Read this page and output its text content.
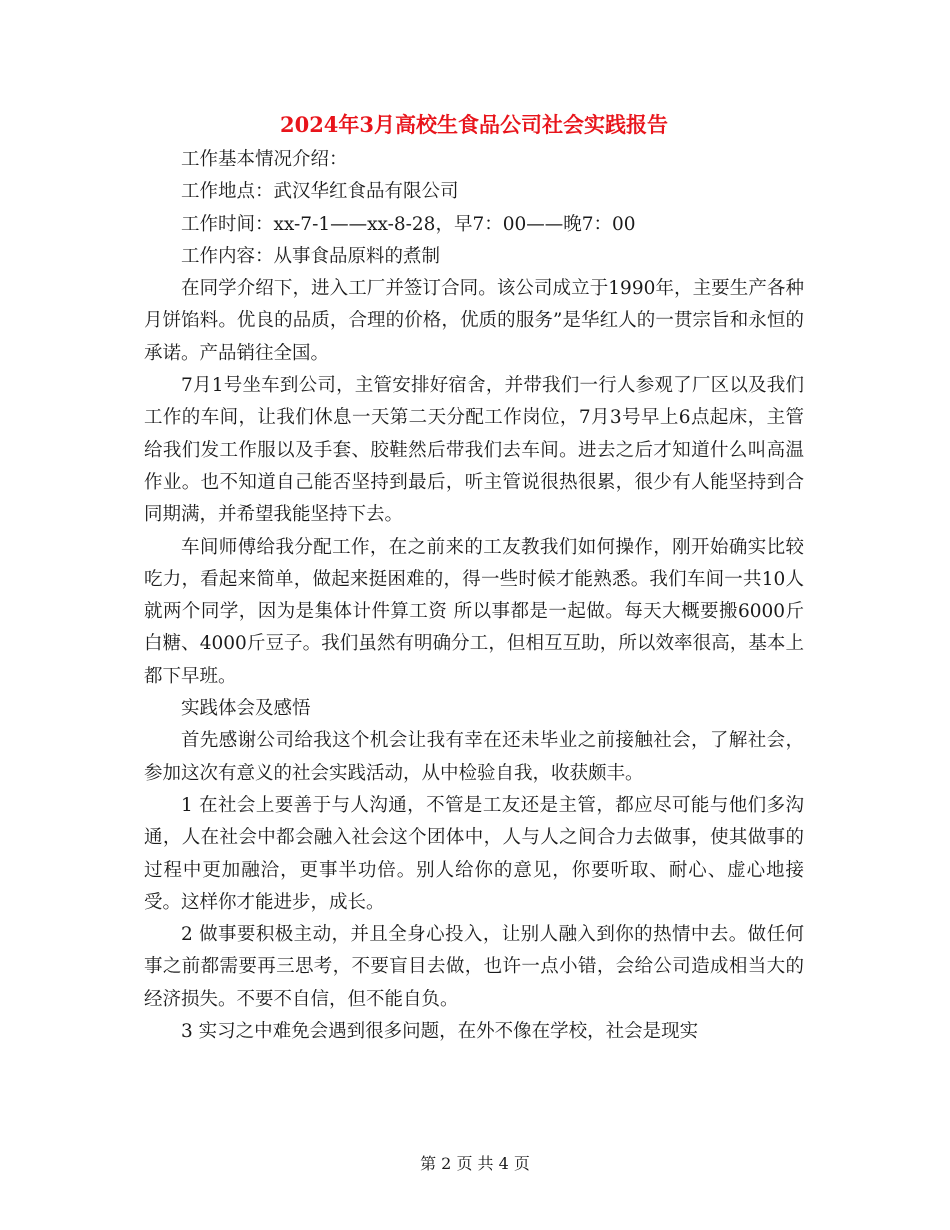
2024年3月高校生食品公司社会实践报告

工作基本情况介绍：

工作地点：武汉华红食品有限公司

工作时间：xx-7-1——xx-8-28，早7：00——晚7：00

工作内容：从事食品原料的煮制

在同学介绍下，进入工厂并签订合同。该公司成立于1990年，主要生产各种月饼馅料。优良的品质，合理的价格，优质的服务”是华红人的一贯宗旨和永恒的承诺。产品销往全国。

7月1号坐车到公司，主管安排好宿舍，并带我们一行人参观了厂区以及我们工作的车间，让我们休息一天第二天分配工作岗位，7月3号早上6点起床，主管给我们发工作服以及手套、胶鞋然后带我们去车间。进去之后才知道什么叫高温作业。也不知道自己能否坚持到最后，听主管说很热很累，很少有人能坚持到合同期满，并希望我能坚持下去。

车间师傅给我分配工作，在之前来的工友教我们如何操作，刚开始确实比较吃力，看起来简单，做起来挺困难的，得一些时候才能熟悉。我们车间一共10人就两个同学，因为是集体计件算工资 所以事都是一起做。每天大概要搬6000斤白糖、4000斤豆子。我们虽然有明确分工，但相互互助，所以效率很高，基本上都下早班。

实践体会及感悟

首先感谢公司给我这个机会让我有幸在还未毕业之前接触社会，了解社会，参加这次有意义的社会实践活动，从中检验自我，收获颇丰。

1 在社会上要善于与人沟通，不管是工友还是主管，都应尽可能与他们多沟通，人在社会中都会融入社会这个团体中，人与人之间合力去做事，使其做事的过程中更加融洽，更事半功倍。别人给你的意见，你要听取、耐心、虚心地接受。这样你才能进步，成长。

2 做事要积极主动，并且全身心投入，让别人融入到你的热情中去。做任何事之前都需要再三思考，不要盲目去做，也许一点小错，会给公司造成相当大的经济损失。不要不自信，但不能自负。

3 实习之中难免会遇到很多问题，在外不像在学校，社会是现实

第 2 页 共 4 页
